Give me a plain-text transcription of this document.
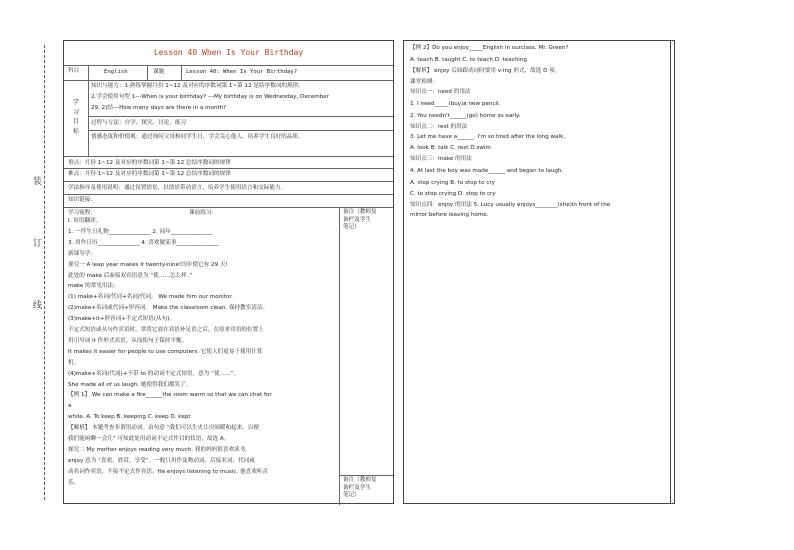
装
订
线
Lesson 40 When Is Your Birthday
科目	English	课题	Lesson 40: When Is Your Birthday?
学
习
目
标
知识与能力：1.熟练掌握月份 1~12 及对应的序数词第 1~第 12 是结序数词的规律。
2.学会使用句型 1---When is your birthday? ---My birthday is on Wednesday, December
29. 2)结---How many days are there in a month?
过程与方法：自学、探究、讨论、练习
情感态度和价值观：通过询问父母和同学生日，学会关心他人，培养学生良好的品质。
重点：月份 1~12 及对应的序数词第 1~第 12 总结序数词的规律
难点：月份 1~12 及对应的序数词第 1~第 12 总结序数词的规律
学法指导及使用说明：通过设置情景，以情景带动语言，培养学生使用语言和交际能力。
知识链接：
学习流程：	课前练习：	备注（教师复
备栏及学生
笔记）
I. 短语翻译。
1. 一件生日礼物_______________ 2. 同年_______________
3. 用作日历_______________ 4. 喜欢做某事_______________
新课导学：
探究一 A leap year makes it twenty-nine!闰年使它有 29 天!
此处的 make 后面接双宾语意为 “使……怎么样。”
make 的常见用法：
(1) make+名词/代词+名词/代词。 We made him our monitor.
(2)make+名词或代词+形容词。 Make the classroom clean. 保持教室清洁。
(3)make+it+形容词+不定式短语(从句)。
不定式短语或从句作宾语时，常将它放在宾语补足语之后，在原来宾语的位置上
用引导词 it 作形式宾语，从而使句子保持平衡。
It makes it easier for people to use computers. 它使人们更易于使用计算
机。
(4)make+名词(代词)+不带 to 的动词不定式短语，意为 “使……”。
She made all of us laugh. 她使得我们都笑了。
【例 1】 We can make a fire______the room warm so that we can chat for
a
while. A. To keep B. keeping C. keep D. kept
【解析】 本题考查非谓语动词。由句意 “我们可以生火让房间暖和起来，以便
我们能闲聊一会儿” 可知此处用动词不定式作目的状语，故选 A。
探究二 My mother enjoys reading very much. 我的妈妈很喜欢读书。
enjoy 意为 “喜欢，欣赏，享受”。一般只用作及物动词，后接名词、代词或
动名词作宾语，不接不定式作宾语。He enjoys listening to music. 他喜欢听音
乐。	备注（教师复
备栏及学生
笔记）
【例 2】Do you enjoy_____English in ourclass, Mr. Green?
A. teach B. taught C. to teach D. teaching
【解析】 enjoy 后面跟动词时要用 v-ing 形式，故选 D 项。
课堂检测：
知识点一：need 的用法
1. I need_____(buy)a new pencil.
2. You needn't______(go) home so early.
知识点二：rest 的用法
3. Let me have a______. I'm so tired after the long walk.
A. look B. talk C. rest D.swim
知识点三：make 的用法
4. At last the boy was made______ and began to laugh.
A. stop crying B. to stop to cry
C. to stop crying D. stop to cry
知识点四：enjoy 的用法 5. Lucy usually enjoys________(she)in front of the
mirror before leaving home.
